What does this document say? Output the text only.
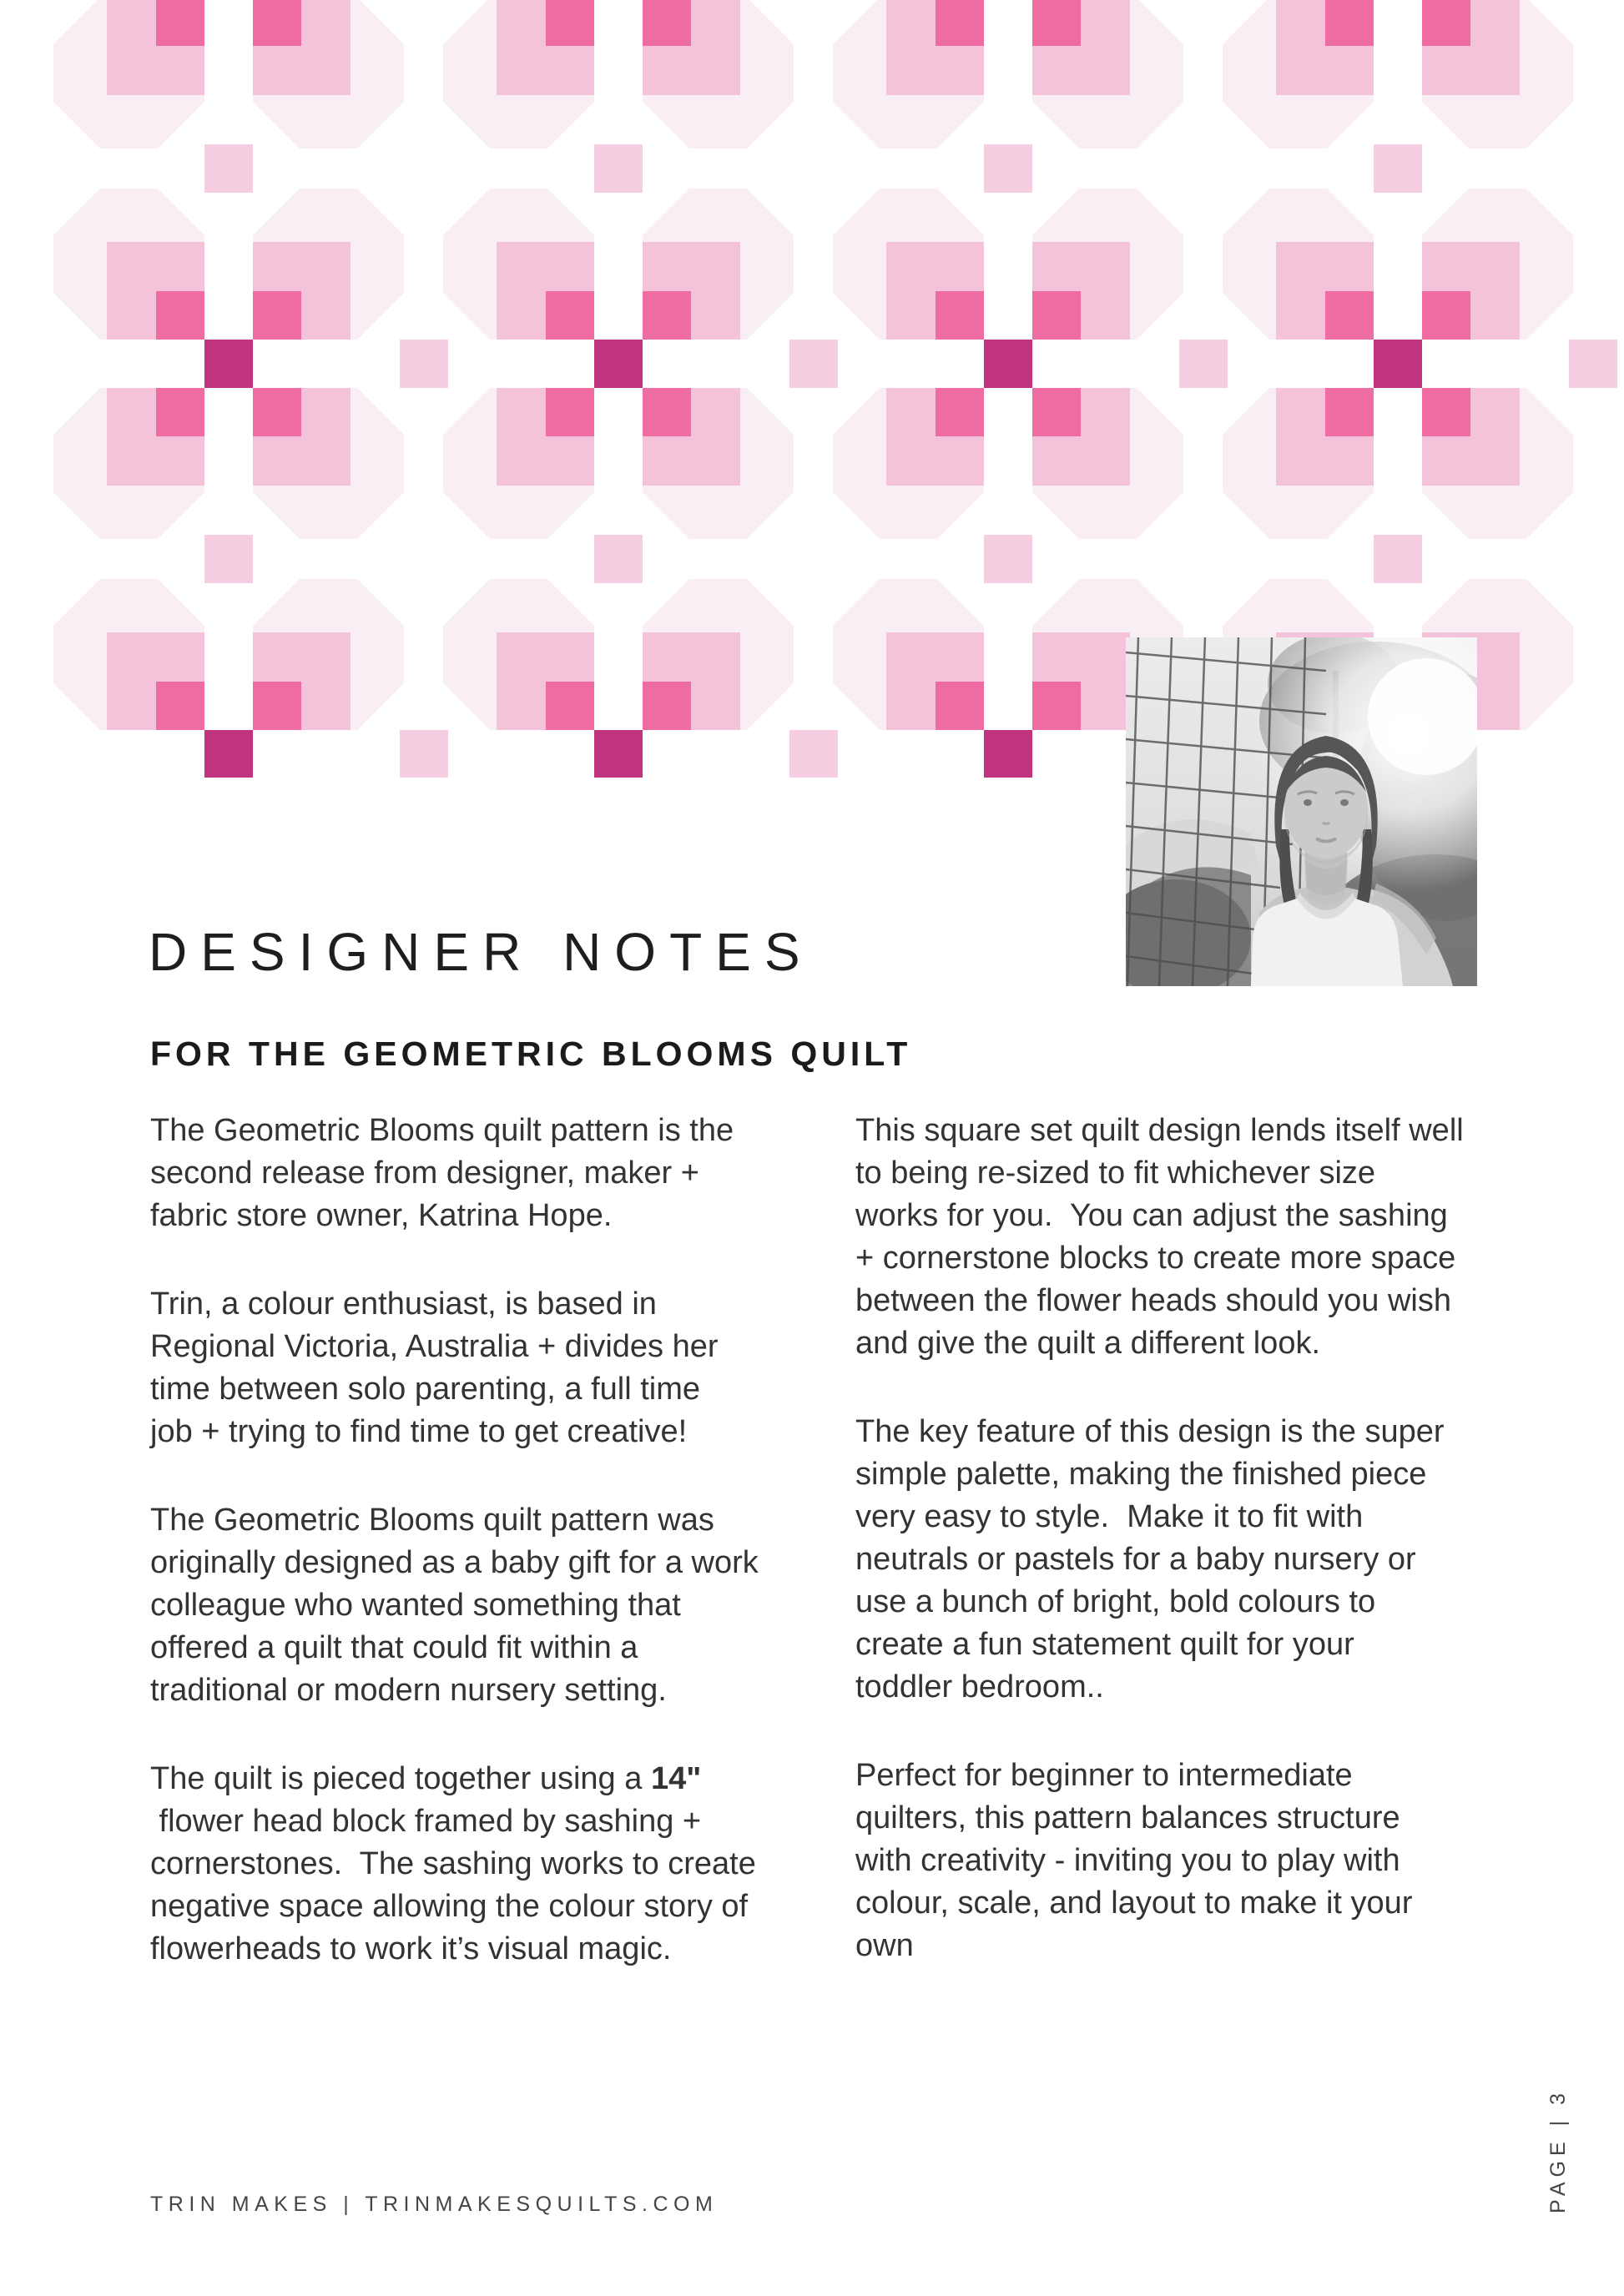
DESIGNER NOTES
FOR THE GEOMETRIC BLOOMS QUILT
The Geometric Blooms quilt pattern is the
second release from designer, maker +
fabric store owner, Katrina Hope.
Trin, a colour enthusiast, is based in
Regional Victoria, Australia + divides her
time between solo parenting, a full time
job + trying to find time to get creative!
The Geometric Blooms quilt pattern was
originally designed as a baby gift for a work
colleague who wanted something that
offered a quilt that could fit within a
traditional or modern nursery setting.
The quilt is pieced together using a 14"
flower head block framed by sashing +
cornerstones.  The sashing works to create
negative space allowing the colour story of
flowerheads to work it’s visual magic.
This square set quilt design lends itself well
to being re-sized to fit whichever size
works for you.  You can adjust the sashing
+ cornerstone blocks to create more space
between the flower heads should you wish
and give the quilt a different look.
The key feature of this design is the super
simple palette, making the finished piece
very easy to style.  Make it to fit with
neutrals or pastels for a baby nursery or
use a bunch of bright, bold colours to
create a fun statement quilt for your
toddler bedroom..
Perfect for beginner to intermediate
quilters, this pattern balances structure
with creativity - inviting you to play with
colour, scale, and layout to make it your
own
TRIN MAKES | TRINMAKESQUILTS.COM	PAGE | 3
